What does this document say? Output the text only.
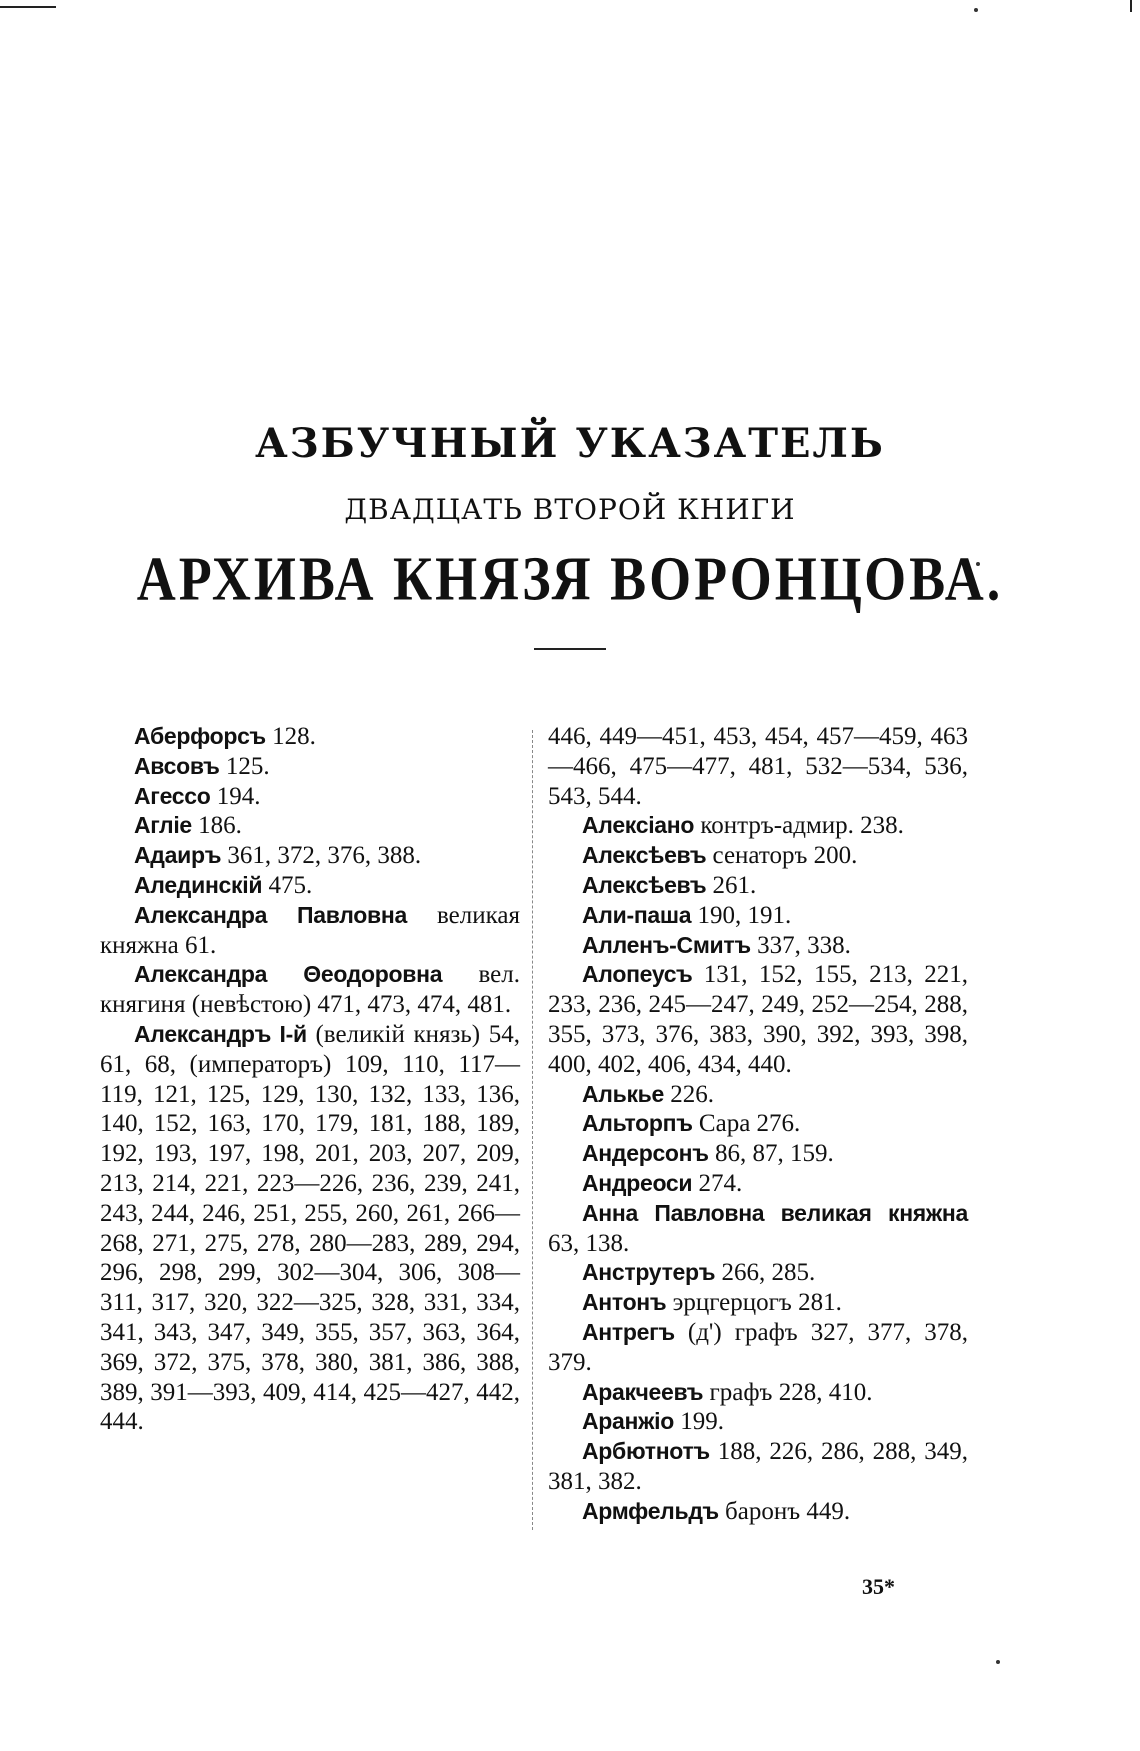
АЗБУЧНЫЙ УКАЗАТЕЛЬ
ДВАДЦАТЬ ВТОРОЙ КНИГИ
АРХИВА КНЯЗЯ ВОРОНЦОВА.

Аберфорсъ 128.

Авсовъ 125.

Агессо 194.

Аглiе 186.

Адаиръ 361, 372, 376, 388.

Алединскiй 475.

Александра Павловна великая княжна 61.

Александра Θеодоровна вел. княгиня (невѣстою) 471, 473, 474, 481.

Александръ I-й (великiй князь) 54, 61, 68, (императоръ) 109, 110, 117—119, 121, 125, 129, 130, 132, 133, 136, 140, 152, 163, 170, 179, 181, 188, 189, 192, 193, 197, 198, 201, 203, 207, 209, 213, 214, 221, 223—226, 236, 239, 241, 243, 244, 246, 251, 255, 260, 261, 266—268, 271, 275, 278, 280—283, 289, 294, 296, 298, 299, 302—304, 306, 308— 311, 317, 320, 322—325, 328, 331, 334, 341, 343, 347, 349, 355, 357, 363, 364, 369, 372, 375, 378, 380, 381, 386, 388, 389, 391—393, 409, 414, 425—427, 442, 444.

446, 449—451, 453, 454, 457—459, 463—466, 475—477, 481, 532—534, 536, 543, 544.

Алексiано контръ-адмир. 238.

Алексѣевъ сенаторъ 200.

Алексѣевъ 261.

Али-паша 190, 191.

Алленъ-Смитъ 337, 338.

Алопеусъ 131, 152, 155, 213, 221, 233, 236, 245—247, 249, 252—254, 288, 355, 373, 376, 383, 390, 392, 393, 398, 400, 402, 406, 434, 440.

Алькье 226.

Альторпъ Сара 276.

Андерсонъ 86, 87, 159.

Андреоси 274.

Анна Павловна великая княжна 63, 138.

Анструтеръ 266, 285.

Антонъ эрцгерцогъ 281.

Антрегъ (д') графъ 327, 377, 378, 379.

Аракчеевъ графъ 228, 410.

Аранжiо 199.

Арбютнотъ 188, 226, 286, 288, 349, 381, 382.

Армфельдъ баронъ 449.

35*
